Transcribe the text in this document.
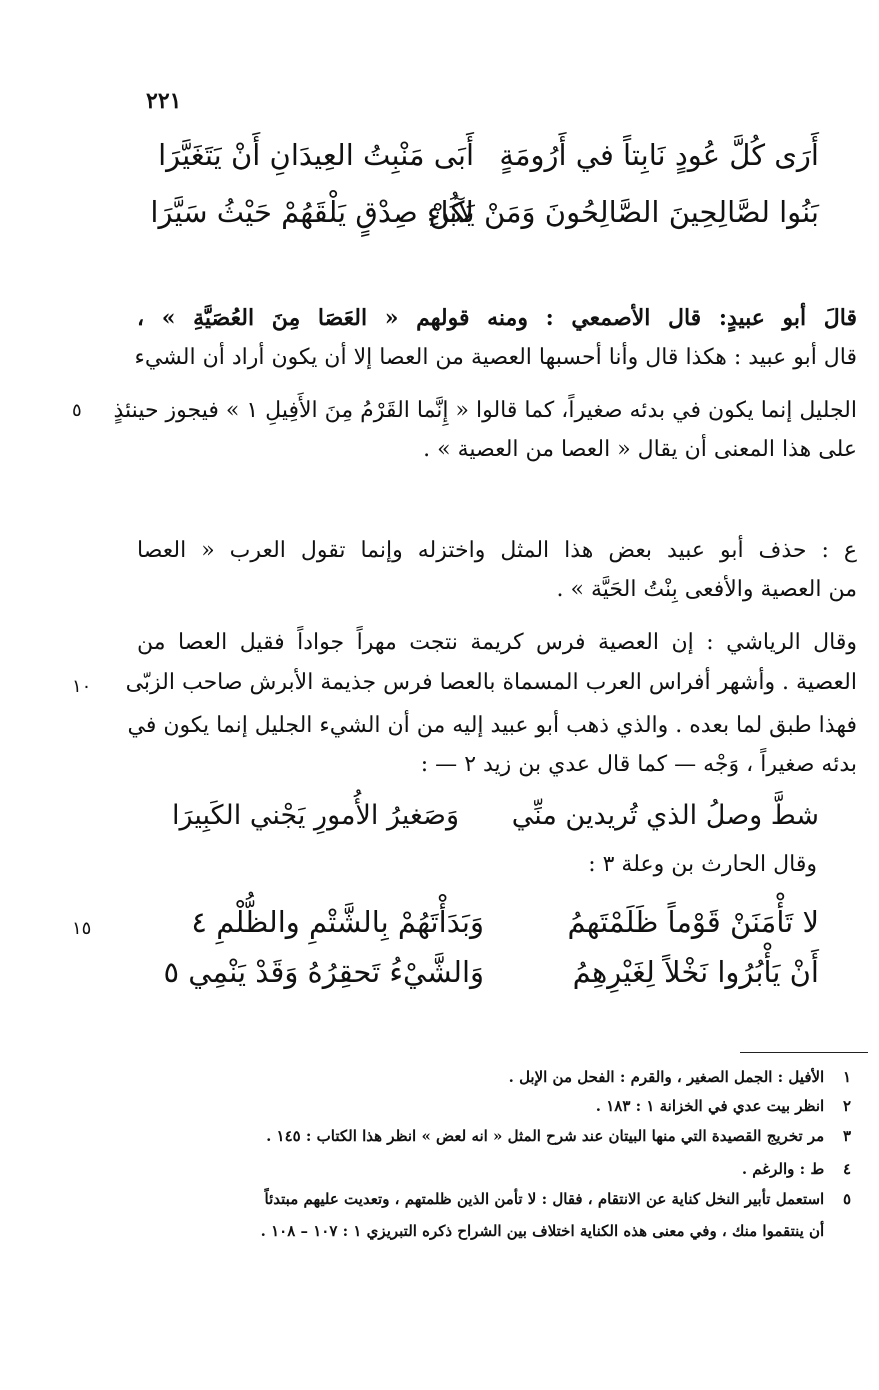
٢٢١
أَرَى كُلَّ عُودٍ نَابِتاً في أَرُومَةٍ
أَبَى مَنْبِتُ العِيدَانِ أَنْ يَتَغَيَّرَا
بَنُوا لصَّالِحِينَ الصَّالِحُونَ وَمَنْ يَكُنْ
لآبَاءِ صِدْقٍ يَلْقَهُمْ حَيْثُ سَيَّرَا
قالَ أبو عبيدٍ: قال الأصمعي : ومنه قولهم « العَصَا مِنَ العُصَيَّةِ » ،
قال أبو عبيد : هكذا قال وأنا أحسبها العصية من العصا إلا أن يكون أراد أن الشيء
الجليل إنما يكون في بدئه صغيراً، كما قالوا « إِنَّما القَرْمُ مِنَ الأَفِيلِ ١ » فيجوز حينئذٍ
على هذا المعنى أن يقال « العصا من العصية » .
٥
ع : حذف أبو عبيد بعض هذا المثل واختزله وإنما تقول العرب « العصا
من العصية والأفعى بِنْتُ الحَيَّة » .
وقال الرياشي : إن العصية فرس كريمة نتجت مهراً جواداً فقيل العصا من
العصية . وأشهر أفراس العرب المسماة بالعصا فرس جذيمة الأبرش صاحب الزبّى
فهذا طبق لما بعده . والذي ذهب أبو عبيد إليه من أن الشيء الجليل إنما يكون في
بدئه صغيراً ، وَجْه — كما قال عدي بن زيد ٢ — :
١٠
شطَّ وصلُ الذي تُريدين منِّي
وَصَغيرُ الأُمورِ يَجْني الكَبِيرَا
وقال الحارث بن وعلة ٣ :
لا تَأْمَنَنْ قَوْماً ظَلَمْتَهمُ
وَبَدَأْتَهُمْ بِالشَّتْمِ والظُّلْمِ ٤
أَنْ يَأْبُرُوا نَخْلاً لِغَيْرِهِمُ
وَالشَّيْءُ تَحقِرُهُ وَقَدْ يَنْمِي ٥
١٥
١ الأفيل : الجمل الصغير ، والقرم : الفحل من الإبل .
٢ انظر بيت عدي في الخزانة ١ : ١٨٣ .
٣ مر تخريج القصيدة التي منها البيتان عند شرح المثل « انه لعض » انظر هذا الكتاب : ١٤٥ .
٤ ط : والرغم .
٥ استعمل تأبير النخل كناية عن الانتقام ، فقال : لا تأمن الذين ظلمتهم ، وتعديت عليهم مبتدئاً
أن ينتقموا منك ، وفي معنى هذه الكناية اختلاف بين الشراح ذكره التبريزي ١ : ١٠٧ – ١٠٨ .
